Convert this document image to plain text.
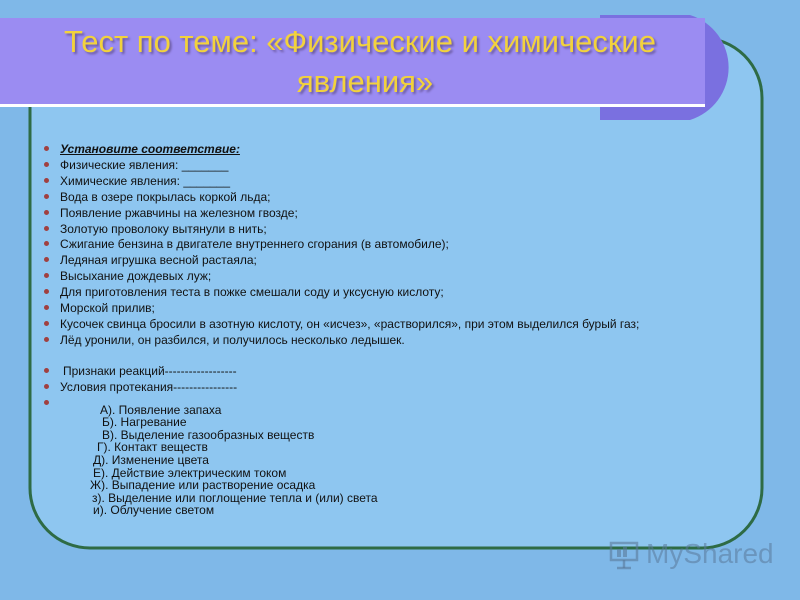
Тест по теме: «Физические и химические

явления»
Установите соответствие:
Физические явления: _______
Химические явления: _______
Вода в озере покрылась коркой льда;
Появление ржавчины на железном гвозде;
Золотую проволоку вытянули в нить;
Сжигание бензина в двигателе внутреннего сгорания (в автомобиле);
Ледяная игрушка весной растаяла;
Высыхание дождевых луж;
Для приготовления теста в пожке смешали соду и уксусную кислоту;
Морской прилив;
Кусочек свинца бросили в азотную кислоту, он «исчез», «растворился», при этом выделился бурый газ;
Лёд уронили, он разбился, и получилось несколько ледышек.
Признаки реакций------------------
Условия протекания----------------
А). Появление запаха
Б). Нагревание
В). Выделение газообразных веществ
Г). Контакт веществ
Д). Изменение цвета
Е). Действие электрическим током
Ж). Выпадение или растворение осадка
з). Выделение или поглощение тепла и (или) света
и). Облучение светом
MyShared
